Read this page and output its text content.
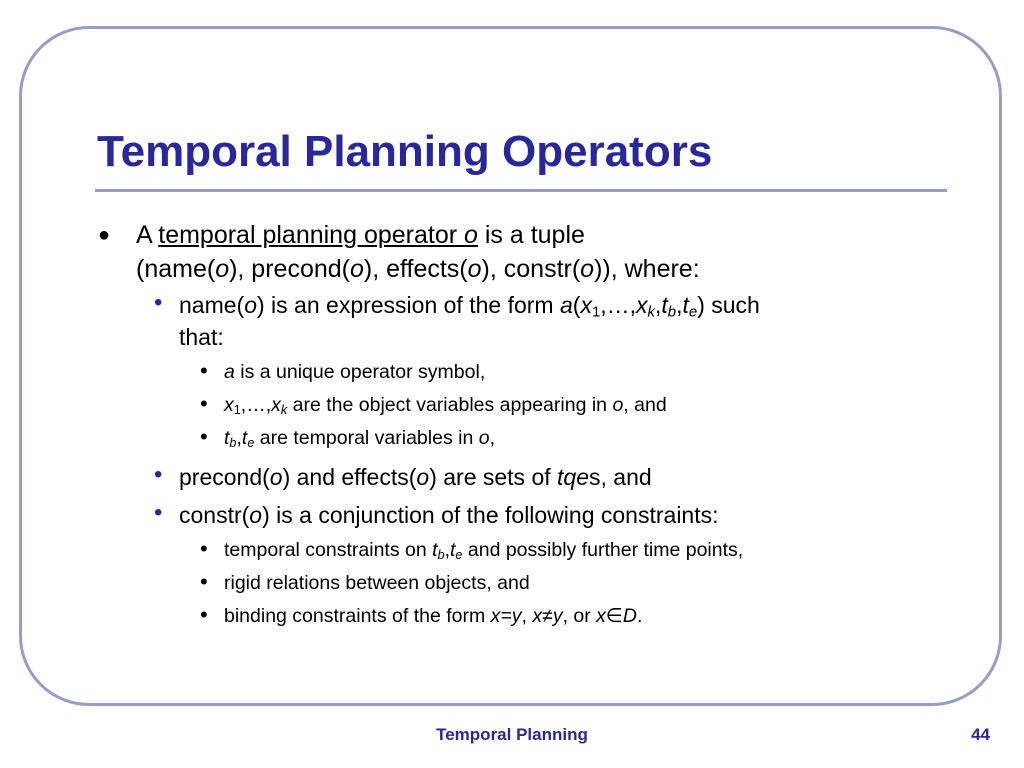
Temporal Planning Operators
● A temporal planning operator o is a tuple
(name(o), precond(o), effects(o), constr(o)), where:
• name(o) is an expression of the form $a(x_1,\dots,x_k,t_b,t_e)$ such
that:
• a is a unique operator symbol,
• $x_1,\dots,x_k$ are the object variables appearing in o, and
• $t_b,t_e$ are temporal variables in o,
• precond(o) and effects(o) are sets of tqes, and
• constr(o) is a conjunction of the following constraints:
• temporal constraints on $t_b,t_e$ and possibly further time points,
• rigid relations between objects, and
• binding constraints of the form x=y, x≠y, or x∈D.
Temporal Planning	44
